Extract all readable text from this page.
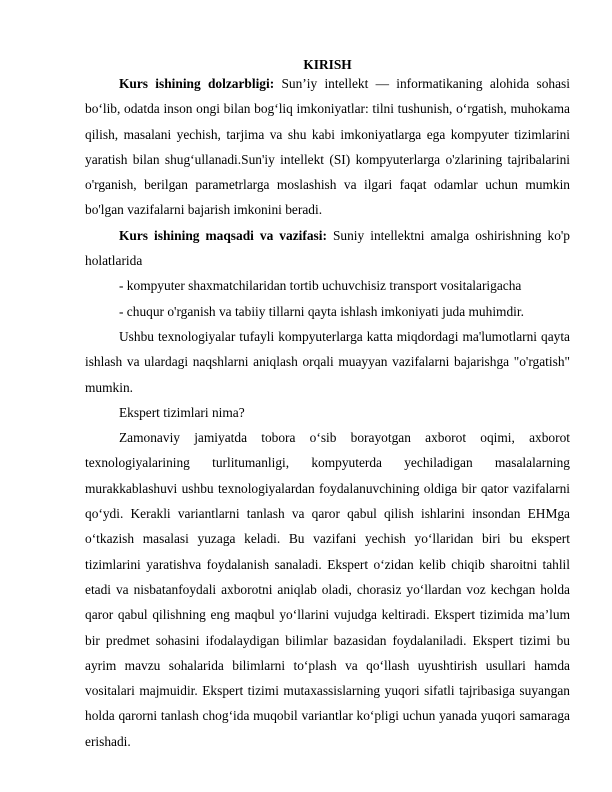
KIRISH

Kurs ishining dolzarbligi: Sun’iy intellekt — informatikaning alohida sohasi bo‘lib, odatda inson ongi bilan bog‘liq imkoniyatlar: tilni tushunish, o‘rgatish, muhokama qilish, masalani yechish, tarjima va shu kabi imkoniyatlarga ega kompyuter tizimlarini yaratish bilan shug‘ullanadi.Sun'iy intellekt (SI) kompyuterlarga o'zlarining tajribalarini o'rganish, berilgan parametrlarga moslashish va ilgari faqat odamlar uchun mumkin bo'lgan vazifalarni bajarish imkonini beradi.

Kurs ishining maqsadi va vazifasi: Suniy intellektni amalga oshirishning ko'p holatlarida

- kompyuter shaxmatchilaridan tortib uchuvchisiz transport vositalarigacha

- chuqur o'rganish va tabiiy tillarni qayta ishlash imkoniyati juda muhimdir.

Ushbu texnologiyalar tufayli kompyuterlarga katta miqdordagi ma'lumotlarni qayta ishlash va ulardagi naqshlarni aniqlash orqali muayyan vazifalarni bajarishga "o'rgatish" mumkin.

Ekspert tizimlari nima?

Zamonaviy jamiyatda tobora o‘sib borayotgan axborot oqimi, axborot texnologiyalarining turlitumanligi, kompyuterda yechiladigan masalalarning murakkablashuvi ushbu texnologiyalardan foydalanuvchining oldiga bir qator vazifalarni qo‘ydi. Kerakli variantlarni tanlash va qaror qabul qilish ishlarini insondan EHMga o‘tkazish masalasi yuzaga keladi. Bu vazifani yechish yo‘llaridan biri bu ekspert tizimlarini yaratishva foydalanish sanaladi. Ekspert o‘zidan kelib chiqib sharoitni tahlil etadi va nisbatanfoydali axborotni aniqlab oladi, chorasiz yo‘llardan voz kechgan holda qaror qabul qilishning eng maqbul yo‘llarini vujudga keltiradi. Ekspert tizimida ma’lum bir predmet sohasini ifodalaydigan bilimlar bazasidan foydalaniladi. Ekspert tizimi bu ayrim mavzu sohalarida bilimlarni to‘plash va qo‘llash uyushtirish usullari hamda vositalari majmuidir. Ekspert tizimi mutaxassislarning yuqori sifatli tajribasiga suyangan holda qarorni tanlash chog‘ida muqobil variantlar ko‘pligi uchun yanada yuqori samaraga erishadi.
